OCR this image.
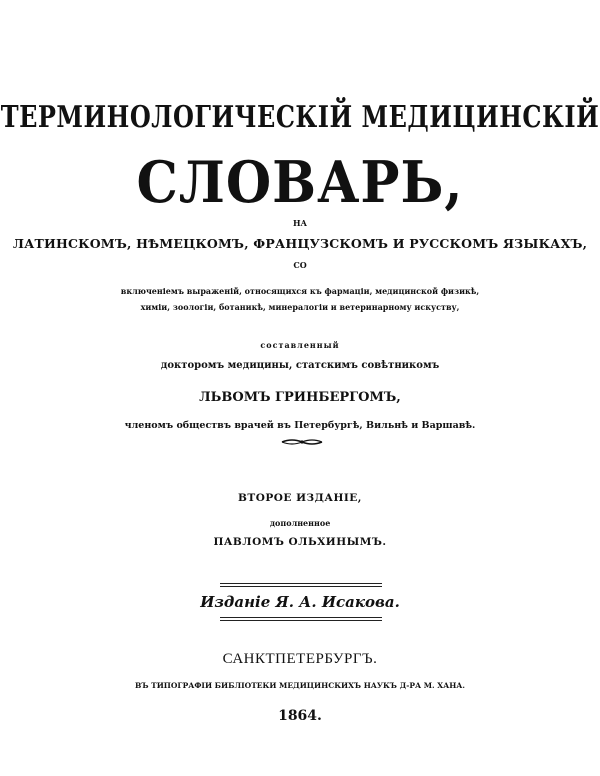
ТЕРМИНОЛОГИЧЕСКІЙ МЕДИЦИНСКІЙ
СЛОВАРЬ,
НА
ЛАТИНСКОМЪ, НѢМЕЦКОМЪ, ФРАНЦУЗСКОМЪ И РУССКОМЪ ЯЗЫКАХЪ,
СО
включеніемъ выраженій, относящихся къ фармаціи, медицинской физикѣ,
химіи, зоологіи, ботаникѣ, минералогіи и ветеринарному искуству,
составленный
докторомъ медицины, статскимъ совѣтникомъ
ЛЬВОМЪ ГРИНБЕРГОМЪ,
членомъ обществъ врачей въ Петербургѣ, Вильнѣ и Варшавѣ.
ВТОРОЕ ИЗДАНІЕ,
дополненное
ПАВЛОМЪ ОЛЬХИНЫМЪ.
Изданіе Я. А. Исакова.
САНКТПЕТЕРБУРГЪ.
ВЪ ТИПОГРАФІИ БИБЛІОТЕКИ МЕДИЦИНСКИХЪ НАУКЪ Д-РА М. ХАНА.
1864.
